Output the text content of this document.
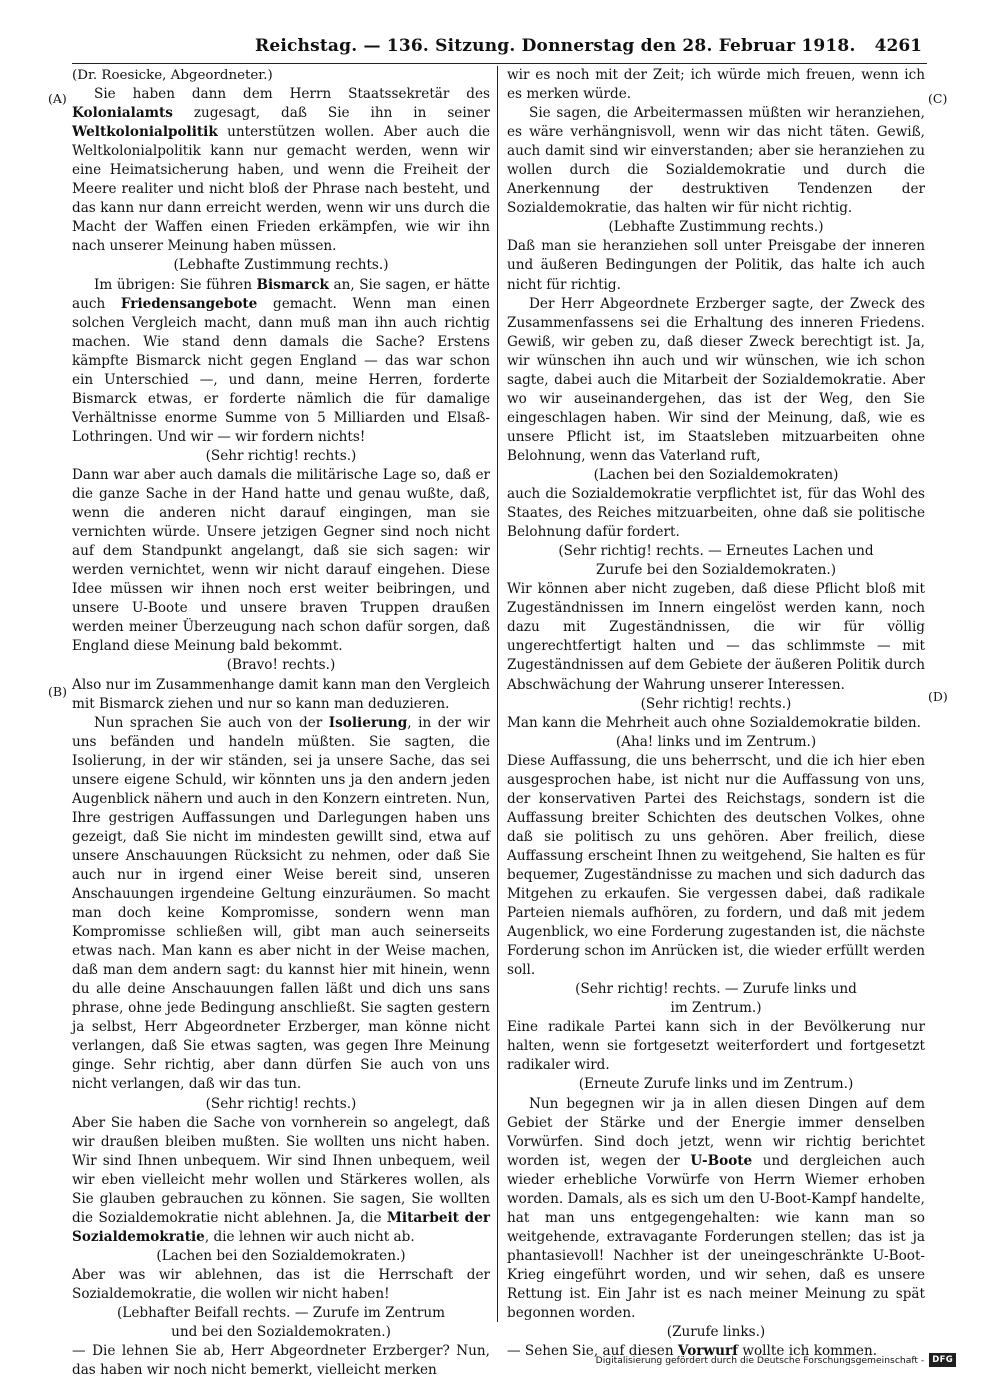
Reichstag. — 136. Sitzung. Donnerstag den 28. Februar 1918. 4261
(A)
(B)
(C)
(D)

(Dr. Roesicke, Abgeordneter.)

Sie haben dann dem Herrn Staatssekretär des Kolonialamts zugesagt, daß Sie ihn in seiner Weltkolonialpolitik unterstützen wollen. Aber auch die Weltkolonialpolitik kann nur gemacht werden, wenn wir eine Heimatsicherung haben, und wenn die Freiheit der Meere realiter und nicht bloß der Phrase nach besteht, und das kann nur dann erreicht werden, wenn wir uns durch die Macht der Waffen einen Frieden erkämpfen, wie wir ihn nach unserer Meinung haben müssen.

(Lebhafte Zustimmung rechts.)

Im übrigen: Sie führen Bismarck an, Sie sagen, er hätte auch Friedensangebote gemacht. Wenn man einen solchen Vergleich macht, dann muß man ihn auch richtig machen. Wie stand denn damals die Sache? Erstens kämpfte Bismarck nicht gegen England — das war schon ein Unterschied —, und dann, meine Herren, forderte Bismarck etwas, er forderte nämlich die für damalige Verhältnisse enorme Summe von 5 Milliarden und Elsaß-Lothringen. Und wir — wir fordern nichts!

(Sehr richtig! rechts.)

Dann war aber auch damals die militärische Lage so, daß er die ganze Sache in der Hand hatte und genau wußte, daß, wenn die anderen nicht darauf eingingen, man sie vernichten würde. Unsere jetzigen Gegner sind noch nicht auf dem Standpunkt angelangt, daß sie sich sagen: wir werden vernichtet, wenn wir nicht darauf eingehen. Diese Idee müssen wir ihnen noch erst weiter beibringen, und unsere U-Boote und unsere braven Truppen draußen werden meiner Überzeugung nach schon dafür sorgen, daß England diese Meinung bald bekommt.

(Bravo! rechts.)

Also nur im Zusammenhange damit kann man den Vergleich mit Bismarck ziehen und nur so kann man deduzieren.

Nun sprachen Sie auch von der Isolierung, in der wir uns befänden und handeln müßten. Sie sagten, die Isolierung, in der wir ständen, sei ja unsere Sache, das sei unsere eigene Schuld, wir könnten uns ja den andern jeden Augenblick nähern und auch in den Konzern eintreten. Nun, Ihre gestrigen Auffassungen und Darlegungen haben uns gezeigt, daß Sie nicht im mindesten gewillt sind, etwa auf unsere Anschauungen Rücksicht zu nehmen, oder daß Sie auch nur in irgend einer Weise bereit sind, unseren Anschauungen irgendeine Geltung einzuräumen. So macht man doch keine Kompromisse, sondern wenn man Kompromisse schließen will, gibt man auch seinerseits etwas nach. Man kann es aber nicht in der Weise machen, daß man dem andern sagt: du kannst hier mit hinein, wenn du alle deine Anschauungen fallen läßt und dich uns sans phrase, ohne jede Bedingung anschließt. Sie sagten gestern ja selbst, Herr Abgeordneter Erzberger, man könne nicht verlangen, daß Sie etwas sagten, was gegen Ihre Meinung ginge. Sehr richtig, aber dann dürfen Sie auch von uns nicht verlangen, daß wir das tun.

(Sehr richtig! rechts.)

Aber Sie haben die Sache von vornherein so angelegt, daß wir draußen bleiben mußten. Sie wollten uns nicht haben. Wir sind Ihnen unbequem. Wir sind Ihnen unbequem, weil wir eben vielleicht mehr wollen und Stärkeres wollen, als Sie glauben gebrauchen zu können. Sie sagen, Sie wollten die Sozialdemokratie nicht ablehnen. Ja, die Mitarbeit der Sozialdemokratie, die lehnen wir auch nicht ab.

(Lachen bei den Sozialdemokraten.)

Aber was wir ablehnen, das ist die Herrschaft der Sozialdemokratie, die wollen wir nicht haben!

(Lebhafter Beifall rechts. — Zurufe im Zentrum

und bei den Sozialdemokraten.)

— Die lehnen Sie ab, Herr Abgeordneter Erzberger? Nun, das haben wir noch nicht bemerkt, vielleicht merken

wir es noch mit der Zeit; ich würde mich freuen, wenn ich es merken würde.

Sie sagen, die Arbeitermassen müßten wir heranziehen, es wäre verhängnisvoll, wenn wir das nicht täten. Gewiß, auch damit sind wir einverstanden; aber sie heranziehen zu wollen durch die Sozialdemokratie und durch die Anerkennung der destruktiven Tendenzen der Sozialdemokratie, das halten wir für nicht richtig.

(Lebhafte Zustimmung rechts.)

Daß man sie heranziehen soll unter Preisgabe der inneren und äußeren Bedingungen der Politik, das halte ich auch nicht für richtig.

Der Herr Abgeordnete Erzberger sagte, der Zweck des Zusammenfassens sei die Erhaltung des inneren Friedens. Gewiß, wir geben zu, daß dieser Zweck berechtigt ist. Ja, wir wünschen ihn auch und wir wünschen, wie ich schon sagte, dabei auch die Mitarbeit der Sozialdemokratie. Aber wo wir auseinandergehen, das ist der Weg, den Sie eingeschlagen haben. Wir sind der Meinung, daß, wie es unsere Pflicht ist, im Staatsleben mitzuarbeiten ohne Belohnung, wenn das Vaterland ruft,

(Lachen bei den Sozialdemokraten)

auch die Sozialdemokratie verpflichtet ist, für das Wohl des Staates, des Reiches mitzuarbeiten, ohne daß sie politische Belohnung dafür fordert.

(Sehr richtig! rechts. — Erneutes Lachen und

Zurufe bei den Sozialdemokraten.)

Wir können aber nicht zugeben, daß diese Pflicht bloß mit Zugeständnissen im Innern eingelöst werden kann, noch dazu mit Zugeständnissen, die wir für völlig ungerechtfertigt halten und — das schlimmste — mit Zugeständnissen auf dem Gebiete der äußeren Politik durch Abschwächung der Wahrung unserer Interessen.

(Sehr richtig! rechts.)

Man kann die Mehrheit auch ohne Sozialdemokratie bilden.

(Aha! links und im Zentrum.)

Diese Auffassung, die uns beherrscht, und die ich hier eben ausgesprochen habe, ist nicht nur die Auffassung von uns, der konservativen Partei des Reichstags, sondern ist die Auffassung breiter Schichten des deutschen Volkes, ohne daß sie politisch zu uns gehören. Aber freilich, diese Auffassung erscheint Ihnen zu weitgehend, Sie halten es für bequemer, Zugeständnisse zu machen und sich dadurch das Mitgehen zu erkaufen. Sie vergessen dabei, daß radikale Parteien niemals aufhören, zu fordern, und daß mit jedem Augenblick, wo eine Forderung zugestanden ist, die nächste Forderung schon im Anrücken ist, die wieder erfüllt werden soll.

(Sehr richtig! rechts. — Zurufe links und

im Zentrum.)

Eine radikale Partei kann sich in der Bevölkerung nur halten, wenn sie fortgesetzt weiterfordert und fortgesetzt radikaler wird.

(Erneute Zurufe links und im Zentrum.)

Nun begegnen wir ja in allen diesen Dingen auf dem Gebiet der Stärke und der Energie immer denselben Vorwürfen. Sind doch jetzt, wenn wir richtig berichtet worden ist, wegen der U-Boote und dergleichen auch wieder erhebliche Vorwürfe von Herrn Wiemer erhoben worden. Damals, als es sich um den U-Boot-Kampf handelte, hat man uns entgegengehalten: wie kann man so weitgehende, extravagante Forderungen stellen; das ist ja phantasievoll! Nachher ist der uneingeschränkte U-Boot-Krieg eingeführt worden, und wir sehen, daß es unsere Rettung ist. Ein Jahr ist es nach meiner Meinung zu spät begonnen worden.

(Zurufe links.)

— Sehen Sie, auf diesen Vorwurf wollte ich kommen.

Digitalisierung gefördert durch die Deutsche Forschungsgemeinschaft - DFG
